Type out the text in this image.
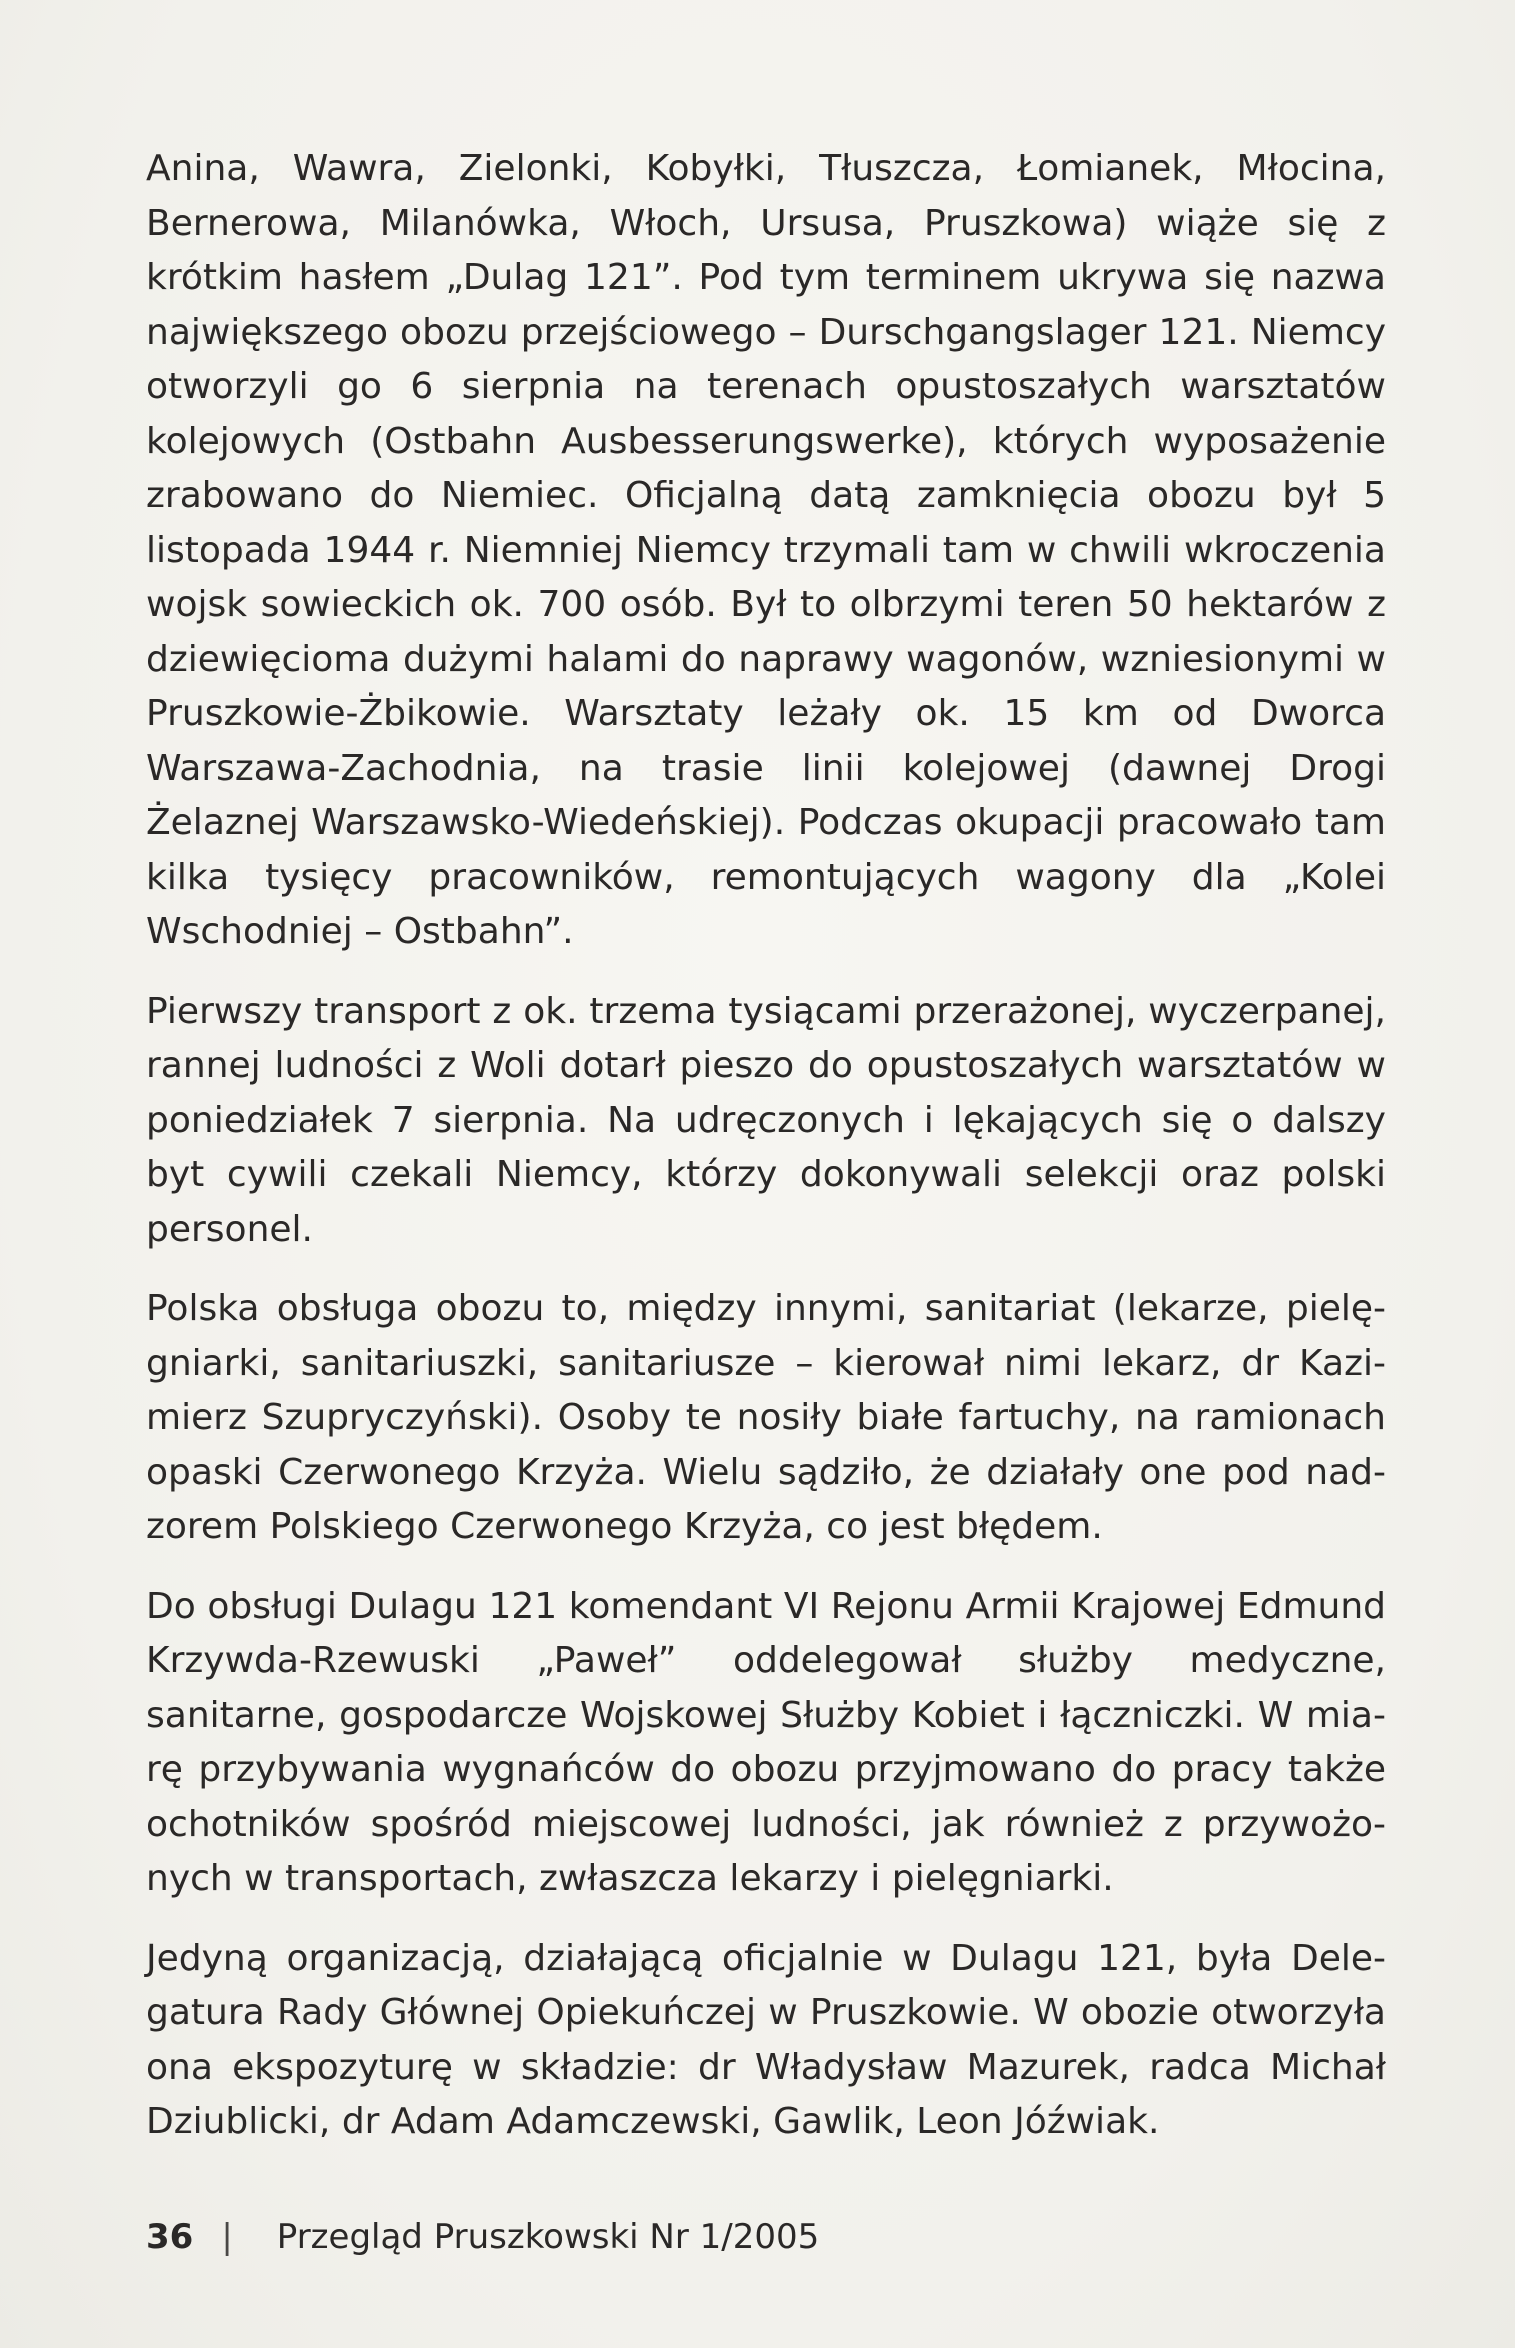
Anina, Wawra, Zielonki, Kobyłki, Tłuszcza, Łomianek, Młocina, Bernerowa, Milanówka, Włoch, Ursusa, Pruszkowa) wiąże się z krótkim hasłem „Dulag 121”. Pod tym terminem ukrywa się nazwa największego obozu przejściowego – Durschgangslager 121. Niemcy otworzyli go 6 sierpnia na terenach opustoszałych warsztatów kolejowych (Ostbahn Ausbesserungswerke), których wyposażenie zrabowano do Niemiec. Oficjalną datą zamknięcia obozu był 5 listopada 1944 r. Niemniej Niemcy trzymali tam w chwili wkroczenia wojsk sowieckich ok. 700 osób. Był to olbrzymi teren 50 hektarów z dziewięcioma dużymi halami do naprawy wagonów, wzniesionymi w Pruszkowie-Żbikowie. Warsztaty leżały ok. 15 km od Dworca Warszawa-Zachodnia, na trasie linii kolejowej (dawnej Drogi Żelaznej Warszawsko-Wiedeńskiej). Podczas okupacji pracowało tam kilka tysięcy pracowników, remontujących wagony dla „Kolei Wschodniej – Ostbahn”.

Pierwszy transport z ok. trzema tysiącami przerażonej, wyczerpanej, rannej ludności z Woli dotarł pieszo do opustoszałych warsztatów w poniedziałek 7 sierpnia. Na udręczonych i lękających się o dalszy byt cywili czekali Niemcy, którzy dokonywali selekcji oraz polski personel.

Polska obsługa obozu to, między innymi, sanitariat (lekarze, pielęgniarki, sanitariuszki, sanitariusze – kierował nimi lekarz, dr Kazimierz Szupryczyński). Osoby te nosiły białe fartuchy, na ramionach opaski Czerwonego Krzyża. Wielu sądziło, że działały one pod nadzorem Polskiego Czerwonego Krzyża, co jest błędem.

Do obsługi Dulagu 121 komendant VI Rejonu Armii Krajowej Edmund Krzywda-Rzewuski „Paweł” oddelegował służby medyczne, sanitarne, gospodarcze Wojskowej Służby Kobiet i łączniczki. W miarę przybywania wygnańców do obozu przyjmowano do pracy także ochotników spośród miejscowej ludności, jak również z przywożonych w transportach, zwłaszcza lekarzy i pielęgniarki.

Jedyną organizacją, działającą oficjalnie w Dulagu 121, była Delegatura Rady Głównej Opiekuńczej w Pruszkowie. W obozie otworzyła ona ekspozyturę w składzie: dr Władysław Mazurek, radca Michał Dziublicki, dr Adam Adamczewski, Gawlik, Leon Jóźwiak.

36 | Przegląd Pruszkowski Nr 1/2005
